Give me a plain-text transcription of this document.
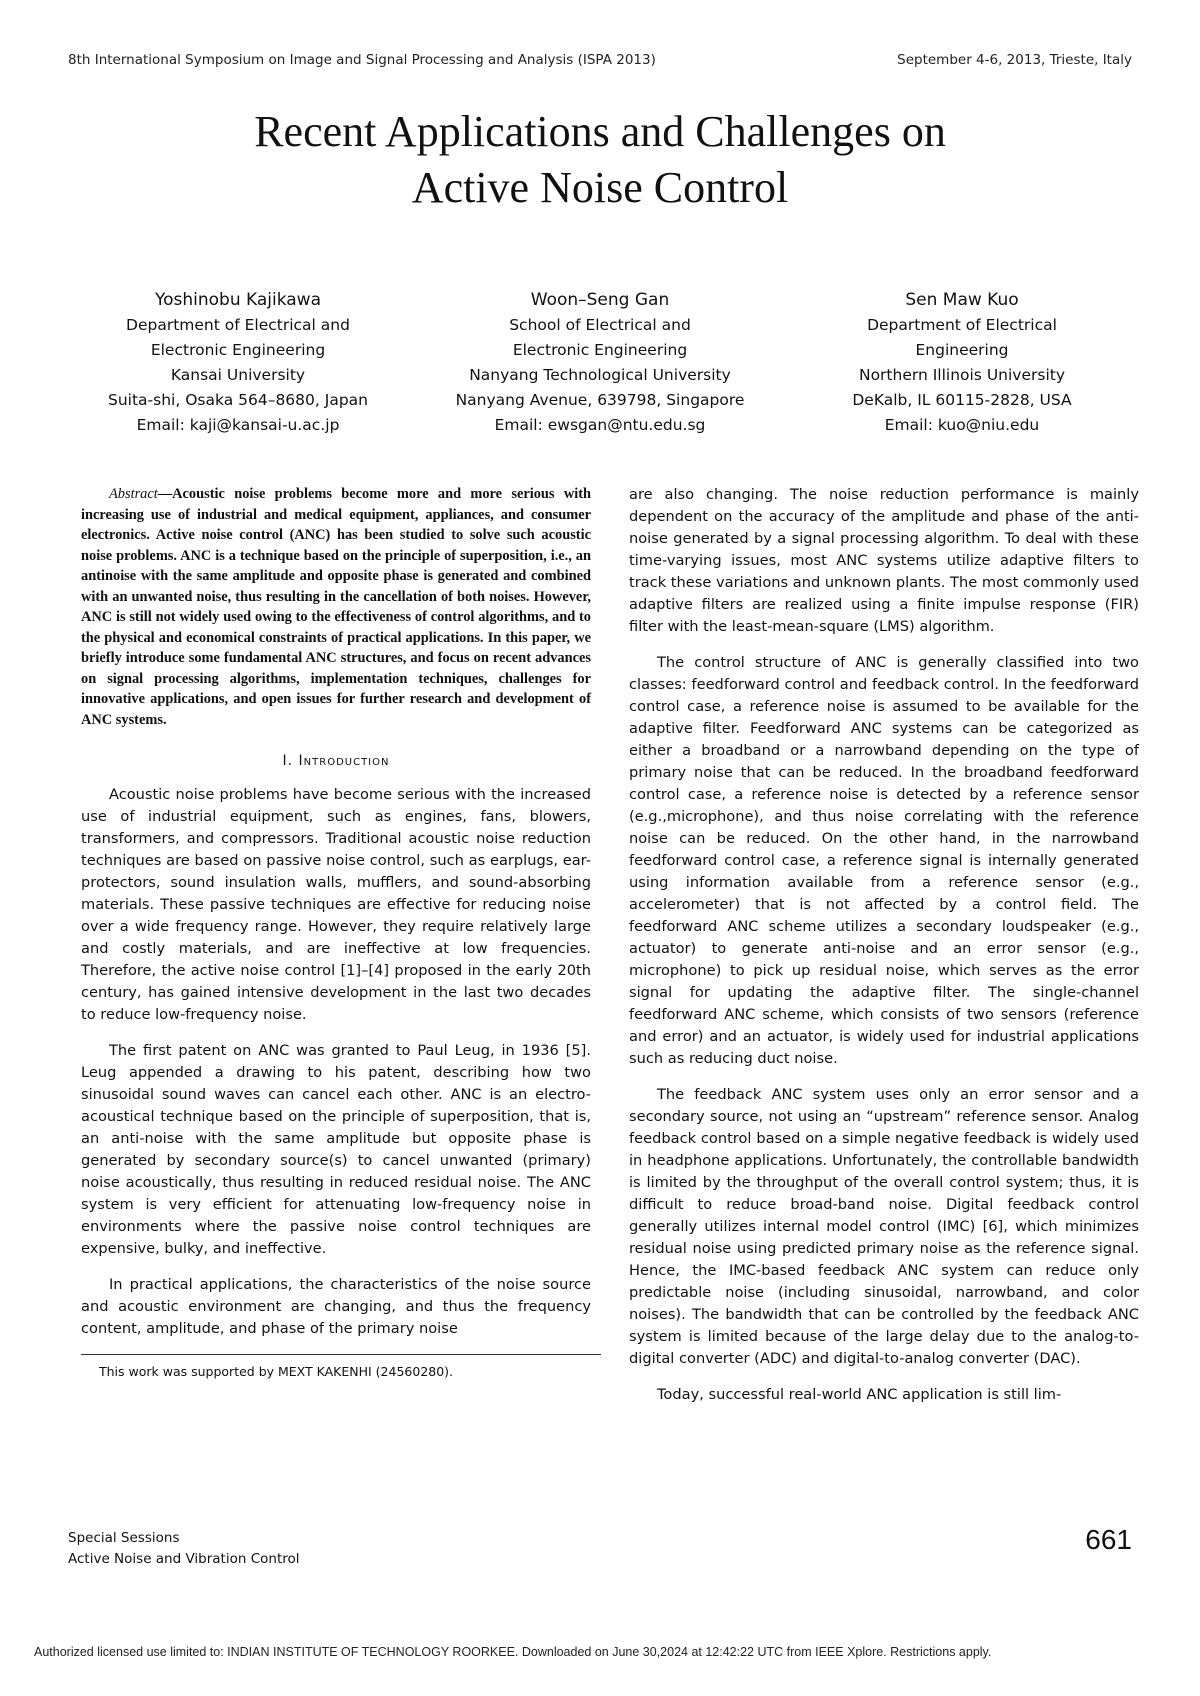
8th International Symposium on Image and Signal Processing and Analysis (ISPA 2013)	September 4-6, 2013, Trieste, Italy
Recent Applications and Challenges on
Active Noise Control
Yoshinobu Kajikawa
Department of Electrical and
Electronic Engineering
Kansai University
Suita-shi, Osaka 564–8680, Japan
Email: kaji@kansai-u.ac.jp
Woon–Seng Gan
School of Electrical and
Electronic Engineering
Nanyang Technological University
Nanyang Avenue, 639798, Singapore
Email: ewsgan@ntu.edu.sg
Sen Maw Kuo
Department of Electrical
Engineering
Northern Illinois University
DeKalb, IL 60115-2828, USA
Email: kuo@niu.edu
Abstract—Acoustic noise problems become more and more serious with increasing use of industrial and medical equipment, appliances, and consumer electronics. Active noise control (ANC) has been studied to solve such acoustic noise problems. ANC is a technique based on the principle of superposition, i.e., an antinoise with the same amplitude and opposite phase is generated and combined with an unwanted noise, thus resulting in the cancellation of both noises. However, ANC is still not widely used owing to the effectiveness of control algorithms, and to the physical and economical constraints of practical applications. In this paper, we briefly introduce some fundamental ANC structures, and focus on recent advances on signal processing algorithms, implementation techniques, challenges for innovative applications, and open issues for further research and development of ANC systems.
I. Introduction

Acoustic noise problems have become serious with the increased use of industrial equipment, such as engines, fans, blowers, transformers, and compressors. Traditional acoustic noise reduction techniques are based on passive noise control, such as earplugs, ear-protectors, sound insulation walls, mufflers, and sound-absorbing materials. These passive techniques are effective for reducing noise over a wide frequency range. However, they require relatively large and costly materials, and are ineffective at low frequencies. Therefore, the active noise control [1]–[4] proposed in the early 20th century, has gained intensive development in the last two decades to reduce low-frequency noise.

The first patent on ANC was granted to Paul Leug, in 1936 [5]. Leug appended a drawing to his patent, describing how two sinusoidal sound waves can cancel each other. ANC is an electro-acoustical technique based on the principle of superposition, that is, an anti-noise with the same amplitude but opposite phase is generated by secondary source(s) to cancel unwanted (primary) noise acoustically, thus resulting in reduced residual noise. The ANC system is very efficient for attenuating low-frequency noise in environments where the passive noise control techniques are expensive, bulky, and ineffective.

In practical applications, the characteristics of the noise source and acoustic environment are changing, and thus the frequency content, amplitude, and phase of the primary noise

This work was supported by MEXT KAKENHI (24560280).

are also changing. The noise reduction performance is mainly dependent on the accuracy of the amplitude and phase of the anti-noise generated by a signal processing algorithm. To deal with these time-varying issues, most ANC systems utilize adaptive filters to track these variations and unknown plants. The most commonly used adaptive filters are realized using a finite impulse response (FIR) filter with the least-mean-square (LMS) algorithm.

The control structure of ANC is generally classified into two classes: feedforward control and feedback control. In the feedforward control case, a reference noise is assumed to be available for the adaptive filter. Feedforward ANC systems can be categorized as either a broadband or a narrowband depending on the type of primary noise that can be reduced. In the broadband feedforward control case, a reference noise is detected by a reference sensor (e.g.,microphone), and thus noise correlating with the reference noise can be reduced. On the other hand, in the narrowband feedforward control case, a reference signal is internally generated using information available from a reference sensor (e.g., accelerometer) that is not affected by a control field. The feedforward ANC scheme utilizes a secondary loudspeaker (e.g., actuator) to generate anti-noise and an error sensor (e.g., microphone) to pick up residual noise, which serves as the error signal for updating the adaptive filter. The single-channel feedforward ANC scheme, which consists of two sensors (reference and error) and an actuator, is widely used for industrial applications such as reducing duct noise.

The feedback ANC system uses only an error sensor and a secondary source, not using an “upstream” reference sensor. Analog feedback control based on a simple negative feedback is widely used in headphone applications. Unfortunately, the controllable bandwidth is limited by the throughput of the overall control system; thus, it is difficult to reduce broad-band noise. Digital feedback control generally utilizes internal model control (IMC) [6], which minimizes residual noise using predicted primary noise as the reference signal. Hence, the IMC-based feedback ANC system can reduce only predictable noise (including sinusoidal, narrowband, and color noises). The bandwidth that can be controlled by the feedback ANC system is limited because of the large delay due to the analog-to-digital converter (ADC) and digital-to-analog converter (DAC).

Today, successful real-world ANC application is still lim-

Special Sessions
Active Noise and Vibration Control
661
Authorized licensed use limited to: INDIAN INSTITUTE OF TECHNOLOGY ROORKEE. Downloaded on June 30,2024 at 12:42:22 UTC from IEEE Xplore. Restrictions apply.
